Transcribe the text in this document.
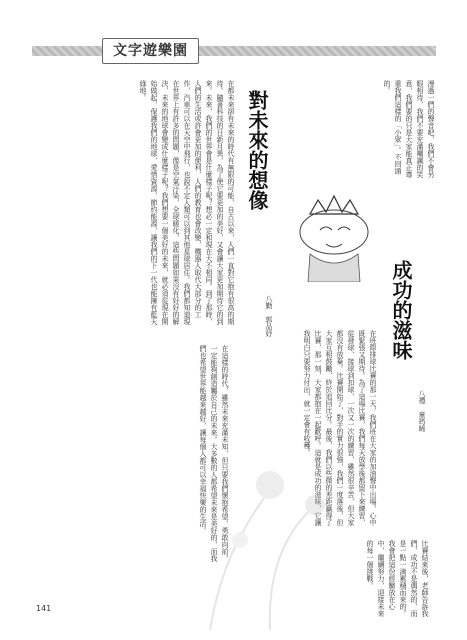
文字遊樂園
漫過一們的聲音吧，我們不會另眼相待，我們不要充滿嘲諷的笑意，我們要的只是大家能真正尊重我們這樣的「小眾」。不回頭的。
對未來的想像
八勤　郭品妤
在都未來卻有未來的時代有無限的可能，自古以來，人們一直對它抱有很高的期待。隨著科技的日新月異，為了使它要更加的美好，又會讓大家更加期待它的到來。未來，我們的世界會是什麼樣子呢？想必一定和現在大不相同。到了那時，人們的生活或許會更加的便利，人們的教育也會改變，機器人取代大部分的工作，汽車可以在天空中飛行，也說不定人類可以到其他星球居住。我們都知道現在世界上有許多的問題，像是空氣汙染，全球暖化，這些問題如果沒有好好的解決，未來的地球會變成什麼樣子呢？我們想要一個美好的未來，就必須從現在開始做起，保護我們的地球，愛惜資源，節約能源，讓我們的下一代也能擁有藍天綠地。
在這樣的時代，雖然未來充滿未知，但只要我們懷抱希望，勇敢向前，一定能夠創造屬於自己的未來。大多數的人都希望未來是美好的，而我們也希望世界能越來越好，讓每個人都可以幸福快樂的生活。
成功的滋味
八禮　童筠晞
在班際排球比賽的那一天，我們班在大家的加油聲中出場，心中既緊張又期待。為了這場比賽，我們每天放學後都留下來練習，從發球、接球到扣球，一次又一次的練習，雖然很辛苦，但大家都沒有放棄。比賽開始了，對手的實力很強，我們一度落後，但大家互相鼓勵，終於追回比分。最後，我們以些微的差距贏得了比賽，那一刻，大家都抱在一起歡呼。這就是成功的滋味，它讓我明白只要努力付出，就一定會有收穫。
比賽結束後，老師告訴我們，成功不是偶然的，而是一點一滴累積而來的。我會把這份經驗放在心中，繼續努力，迎接未來的每一個挑戰。
141
